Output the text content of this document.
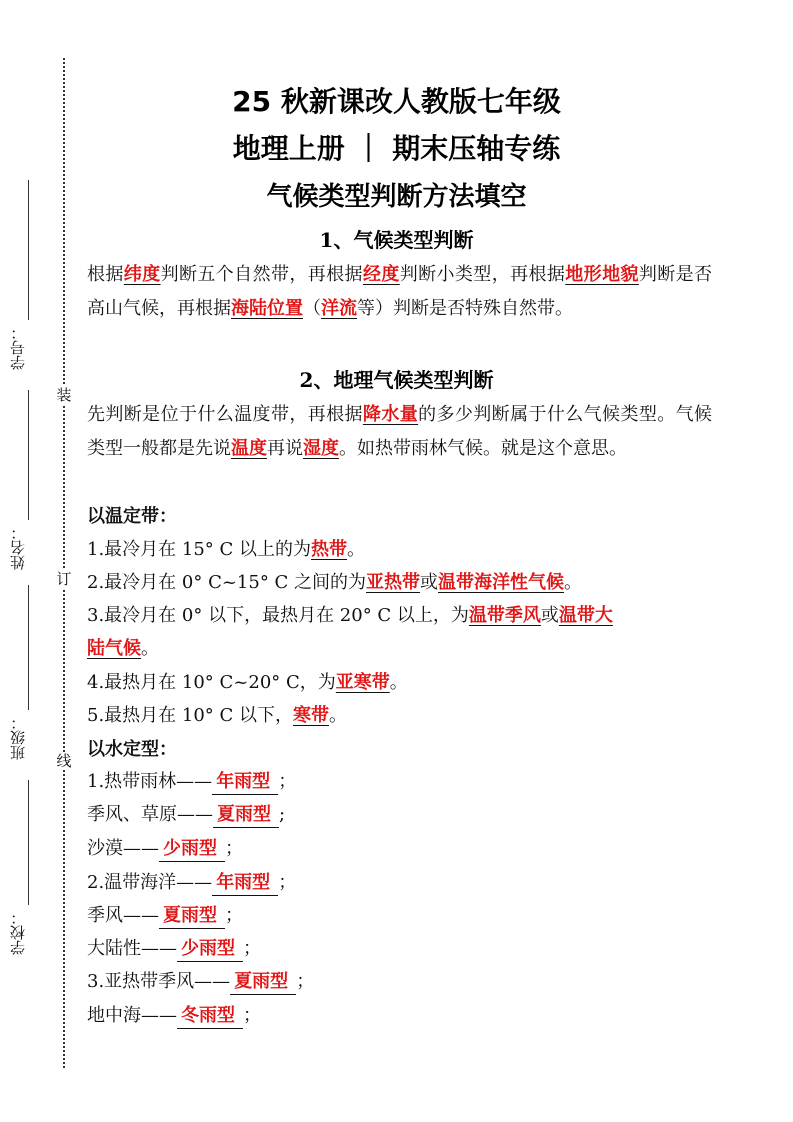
装
订
线
学号：
姓名：
班级：
学校：
25 秋新课改人教版七年级
地理上册 ｜ 期末压轴专练
气候类型判断方法填空
1、气候类型判断
根据纬度判断五个自然带，再根据经度判断小类型，再根据地形地貌判断是否高山气候，再根据海陆位置（洋流等）判断是否特殊自然带。
2、地理气候类型判断
先判断是位于什么温度带，再根据降水量的多少判断属于什么气候类型。气候类型一般都是先说温度再说湿度。如热带雨林气候。就是这个意思。
以温定带：
1.最冷月在 15° C 以上的为热带。
2.最冷月在 0° C~15° C 之间的为亚热带或温带海洋性气候。
3.最冷月在 0° 以下，最热月在 20° C 以上，为温带季风或温带大
陆气候。
4.最热月在 10° C~20° C，为亚寒带。
5.最热月在 10° C 以下，寒带。
以水定型：
1.热带雨林—— 年雨型 ；
季风、草原—— 夏雨型 ;
沙漠—— 少雨型 ；
2.温带海洋—— 年雨型 ；
季风—— 夏雨型 ；
大陆性—— 少雨型 ；
3.亚热带季风—— 夏雨型 ；
地中海—— 冬雨型 ；
